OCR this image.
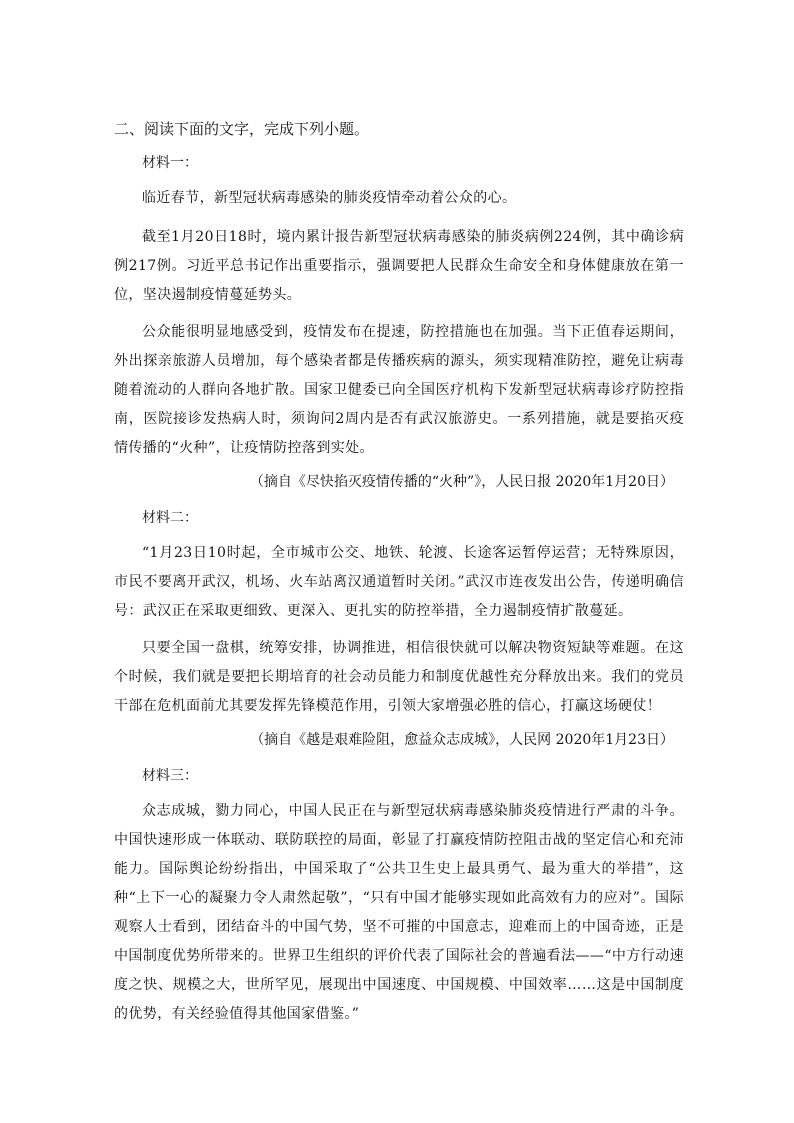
二、阅读下面的文字，完成下列小题。
材料一：
临近春节，新型冠状病毒感染的肺炎疫情牵动着公众的心。
截至1月20日18时，境内累计报告新型冠状病毒感染的肺炎病例224例，其中确诊病例217例。习近平总书记作出重要指示，强调要把人民群众生命安全和身体健康放在第一位，坚决遏制疫情蔓延势头。
公众能很明显地感受到，疫情发布在提速，防控措施也在加强。当下正值春运期间，外出探亲旅游人员增加，每个感染者都是传播疾病的源头，须实现精准防控，避免让病毒随着流动的人群向各地扩散。国家卫健委已向全国医疗机构下发新型冠状病毒诊疗防控指南，医院接诊发热病人时，须询问2周内是否有武汉旅游史。一系列措施，就是要掐灭疫情传播的“火种”，让疫情防控落到实处。
（摘自《尽快掐灭疫情传播的“火种”》，人民日报 2020年1月20日）
材料二：
“1月23日10时起，全市城市公交、地铁、轮渡、长途客运暂停运营；无特殊原因，市民不要离开武汉，机场、火车站离汉通道暂时关闭。”武汉市连夜发出公告，传递明确信号：武汉正在采取更细致、更深入、更扎实的防控举措，全力遏制疫情扩散蔓延。
只要全国一盘棋，统筹安排，协调推进，相信很快就可以解决物资短缺等难题。在这个时候，我们就是要把长期培育的社会动员能力和制度优越性充分释放出来。我们的党员干部在危机面前尤其要发挥先锋模范作用，引领大家增强必胜的信心，打赢这场硬仗！
（摘自《越是艰难险阻，愈益众志成城》，人民网 2020年1月23日）
材料三：
众志成城，勠力同心，中国人民正在与新型冠状病毒感染肺炎疫情进行严肃的斗争。中国快速形成一体联动、联防联控的局面，彰显了打赢疫情防控阻击战的坚定信心和充沛能力。国际舆论纷纷指出，中国采取了“公共卫生史上最具勇气、最为重大的举措”，这种“上下一心的凝聚力令人肃然起敬”，“只有中国才能够实现如此高效有力的应对”。国际观察人士看到，团结奋斗的中国气势，坚不可摧的中国意志，迎难而上的中国奇迹，正是中国制度优势所带来的。世界卫生组织的评价代表了国际社会的普遍看法——“中方行动速度之快、规模之大，世所罕见，展现出中国速度、中国规模、中国效率……这是中国制度的优势，有关经验值得其他国家借鉴。”
